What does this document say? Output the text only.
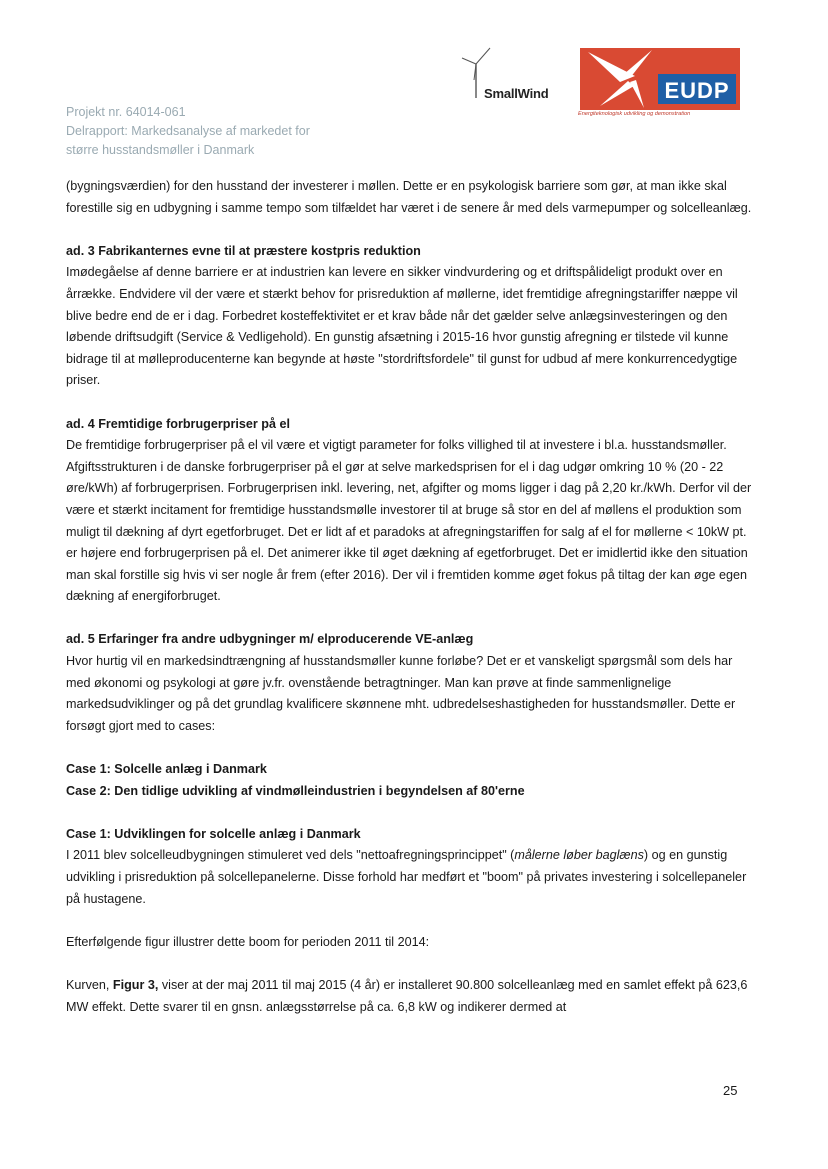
Projekt nr. 64014-061
Delrapport: Markedsanalyse af markedet for
større husstandsmøller i Danmark
SmallWind	EUDP
Energiteknologisk udvikling og demonstration

(bygningsværdien) for den husstand der investerer i møllen. Dette er en psykologisk barriere som gør, at man ikke skal forestille sig en udbygning i samme tempo som tilfældet har været i de senere år med dels varmepumper og solcelleanlæg.

ad. 3 Fabrikanternes evne til at præstere kostpris reduktion

Imødegåelse af denne barriere er at industrien kan levere en sikker vindvurdering og et driftspålideligt produkt over en årrække. Endvidere vil der være et stærkt behov for prisreduktion af møllerne, idet fremtidige afregningstariffer næppe vil blive bedre end de er i dag. Forbedret kosteffektivitet er et krav både når det gælder selve anlægsinvesteringen og den løbende driftsudgift (Service & Vedligehold). En gunstig afsætning i 2015-16 hvor gunstig afregning er tilstede vil kunne bidrage til at mølleproducenterne kan begynde at høste "stordriftsfordele" til gunst for udbud af mere konkurrencedygtige priser.

ad. 4 Fremtidige forbrugerpriser på el

De fremtidige forbrugerpriser på el vil være et vigtigt parameter for folks villighed til at investere i bl.a. husstandsmøller. Afgiftsstrukturen i de danske forbrugerpriser på el gør at selve markedsprisen for el i dag udgør omkring 10 % (20 - 22 øre/kWh) af forbrugerprisen. Forbrugerprisen inkl. levering, net, afgifter og moms ligger i dag på 2,20 kr./kWh. Derfor vil der være et stærkt incitament for fremtidige husstandsmølle investorer til at bruge så stor en del af møllens el produktion som muligt til dækning af dyrt egetforbruget. Det er lidt af et paradoks at afregningstariffen for salg af el for møllerne < 10kW pt. er højere end forbrugerprisen på el. Det animerer ikke til øget dækning af egetforbruget. Det er imidlertid ikke den situation man skal forstille sig hvis vi ser nogle år frem (efter 2016). Der vil i fremtiden komme øget fokus på tiltag der kan øge egen dækning af energiforbruget.

ad. 5 Erfaringer fra andre udbygninger m/ elproducerende VE-anlæg

Hvor hurtig vil en markedsindtrængning af husstandsmøller kunne forløbe? Det er et vanskeligt spørgsmål som dels har med økonomi og psykologi at gøre jv.fr. ovenstående betragtninger. Man kan prøve at finde sammenlignelige markedsudviklinger og på det grundlag kvalificere skønnene mht. udbredelseshastigheden for husstandsmøller. Dette er forsøgt gjort med to cases:

Case 1: Solcelle anlæg i Danmark

Case 2: Den tidlige udvikling af vindmølleindustrien i begyndelsen af 80'erne

Case 1: Udviklingen for solcelle anlæg i Danmark

I 2011 blev solcelleudbygningen stimuleret ved dels "nettoafregningsprincippet" (målerne løber baglæns) og en gunstig udvikling i prisreduktion på solcellepanelerne. Disse forhold har medført et "boom" på privates investering i solcellepaneler på hustagene.

Efterfølgende figur illustrer dette boom for perioden 2011 til 2014:

Kurven, Figur 3, viser at der maj 2011 til maj 2015 (4 år) er installeret 90.800 solcelleanlæg med en samlet effekt på 623,6 MW effekt. Dette svarer til en gnsn. anlægsstørrelse på ca. 6,8 kW og indikerer dermed at

25
